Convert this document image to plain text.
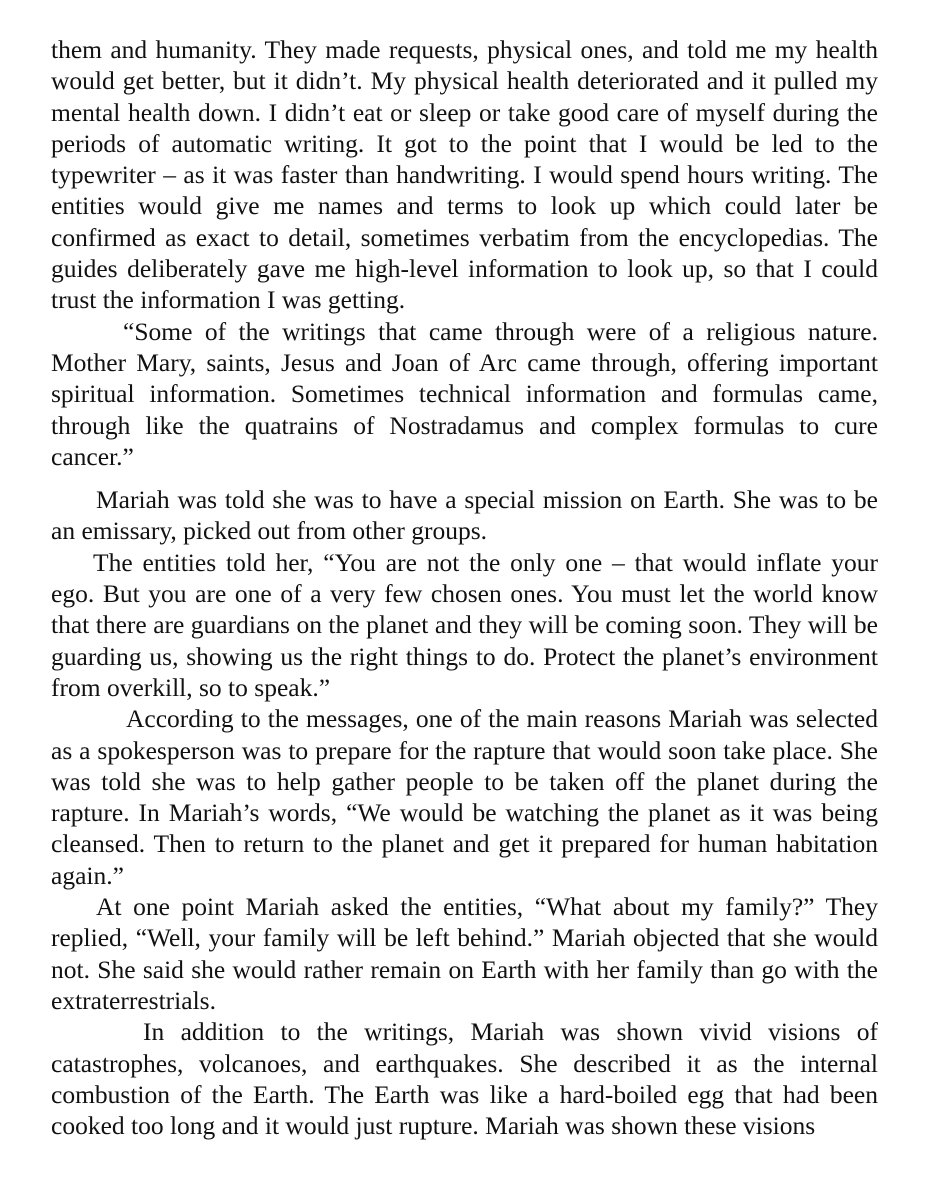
them and humanity. They made requests, physical ones, and told me my health would get better, but it didn’t. My physical health deteriorated and it pulled my mental health down. I didn’t eat or sleep or take good care of myself during the periods of automatic writing. It got to the point that I would be led to the typewriter – as it was faster than handwriting. I would spend hours writing. The entities would give me names and terms to look up which could later be confirmed as exact to detail, sometimes verbatim from the encyclopedias. The guides deliberately gave me high-level information to look up, so that I could trust the information I was getting.

“Some of the writings that came through were of a religious nature. Mother Mary, saints, Jesus and Joan of Arc came through, offering important spiritual information. Sometimes technical information and formulas came, through like the quatrains of Nostradamus and complex formulas to cure cancer.”

Mariah was told she was to have a special mission on Earth. She was to be an emissary, picked out from other groups.

The entities told her, “You are not the only one – that would inflate your ego. But you are one of a very few chosen ones. You must let the world know that there are guardians on the planet and they will be coming soon. They will be guarding us, showing us the right things to do. Protect the planet’s environment from overkill, so to speak.”

According to the messages, one of the main reasons Mariah was selected as a spokesperson was to prepare for the rapture that would soon take place. She was told she was to help gather people to be taken off the planet during the rapture. In Mariah’s words, “We would be watching the planet as it was being cleansed. Then to return to the planet and get it prepared for human habitation again.”

At one point Mariah asked the entities, “What about my family?” They replied, “Well, your family will be left behind.” Mariah objected that she would not. She said she would rather remain on Earth with her family than go with the extraterrestrials.

In addition to the writings, Mariah was shown vivid visions of catastrophes, volcanoes, and earthquakes. She described it as the internal combustion of the Earth. The Earth was like a hard-boiled egg that had been cooked too long and it would just rupture. Mariah was shown these visions
